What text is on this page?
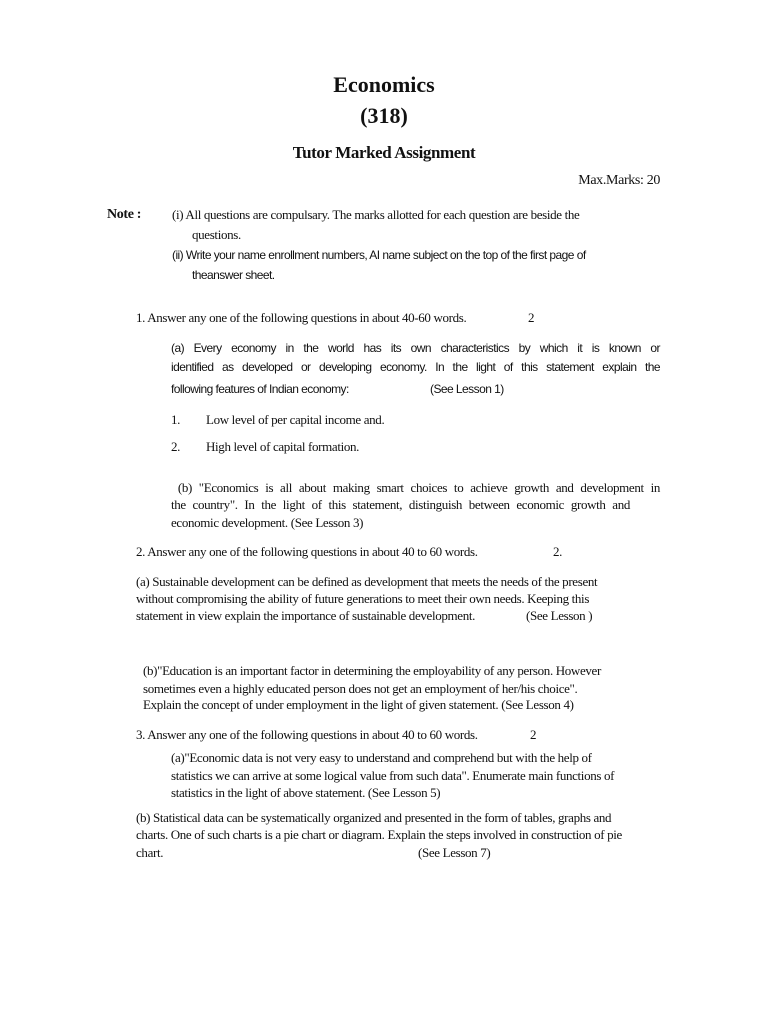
Economics
(318)
Tutor Marked Assignment

Max.Marks: 20

Note : (i) All questions are compulsary. The marks allotted for each question are beside the

questions.

(ii) Write your name enrollment numbers, AI name subject on the top of the first page of

theanswer sheet.

1. Answer any one of the following questions in about 40-60 words.	2

(a) Every economy in the world has its own characteristics by which it is known or

identified as developed or developing economy. In the light of this statement explain the

following features of Indian economy:	(See Lesson 1)

1. Low level of per capital income and.

2. High level of capital formation.

(b) "Economics is all about making smart choices to achieve growth and development in

the country". In the light of this statement, distinguish between economic growth and

economic development. (See Lesson 3)

2. Answer any one of the following questions in about 40 to 60 words.	2.

(a) Sustainable development can be defined as development that meets the needs of the present

without compromising the ability of future generations to meet their own needs. Keeping this

statement in view explain the importance of sustainable development.	(See Lesson )

(b)"Education is an important factor in determining the employability of any person. However

sometimes even a highly educated person does not get an employment of her/his choice".

Explain the concept of under employment in the light of given statement. (See Lesson 4)

3. Answer any one of the following questions in about 40 to 60 words.	2

(a)"Economic data is not very easy to understand and comprehend but with the help of

statistics we can arrive at some logical value from such data". Enumerate main functions of

statistics in the light of above statement. (See Lesson 5)

(b) Statistical data can be systematically organized and presented in the form of tables, graphs and

charts. One of such charts is a pie chart or diagram. Explain the steps involved in construction of pie

chart.	(See Lesson 7)
